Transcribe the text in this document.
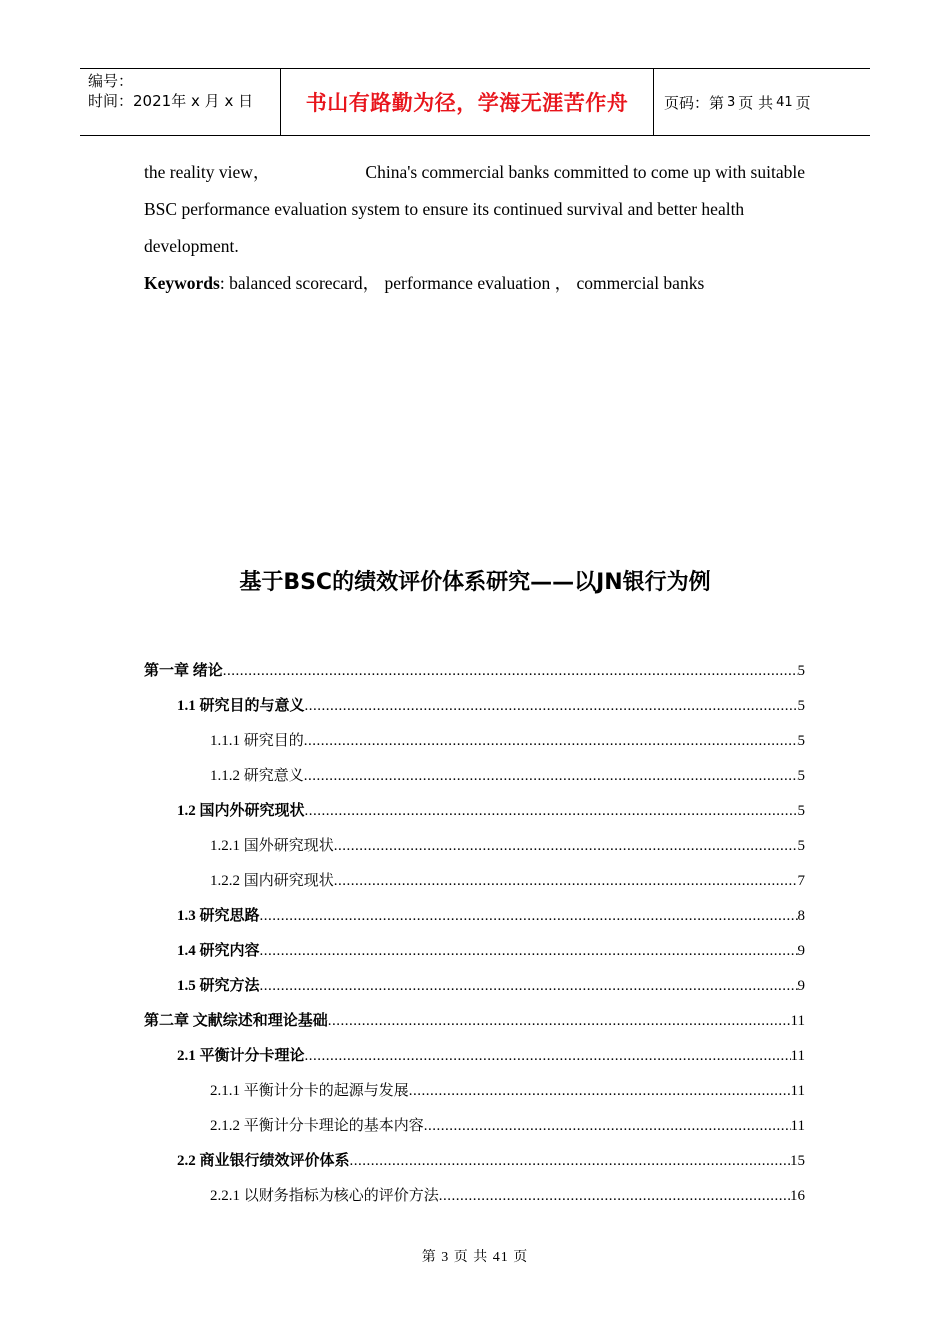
编号：
时间：2021年 x 月 x 日	书山有路勤为径，学海无涯苦作舟	页码：第 3 页 共 41 页

the reality view，	China's commercial banks committed to come up with suitable

BSC performance evaluation system to ensure its continued survival and better health

development.

Keywords: balanced scorecard， performance evaluation ， commercial banks

基于BSC的绩效评价体系研究——以JN银行为例
第一章 绪论 .....	5
1.1 研究目的与意义 .....	5
1.1.1 研究目的 .....	5
1.1.2 研究意义 .....	5
1.2 国内外研究现状 .....	5
1.2.1 国外研究现状 .....	5
1.2.2 国内研究现状 .....	7
1.3 研究思路 .....	8
1.4 研究内容 .....	9
1.5 研究方法 .....	9
第二章 文献综述和理论基础 .....	11
2.1 平衡计分卡理论 .....	11
2.1.1 平衡计分卡的起源与发展 .....	11
2.1.2 平衡计分卡理论的基本内容 .....	11
2.2 商业银行绩效评价体系 .....	15
2.2.1 以财务指标为核心的评价方法 .....	16
第 3 页 共 41 页
